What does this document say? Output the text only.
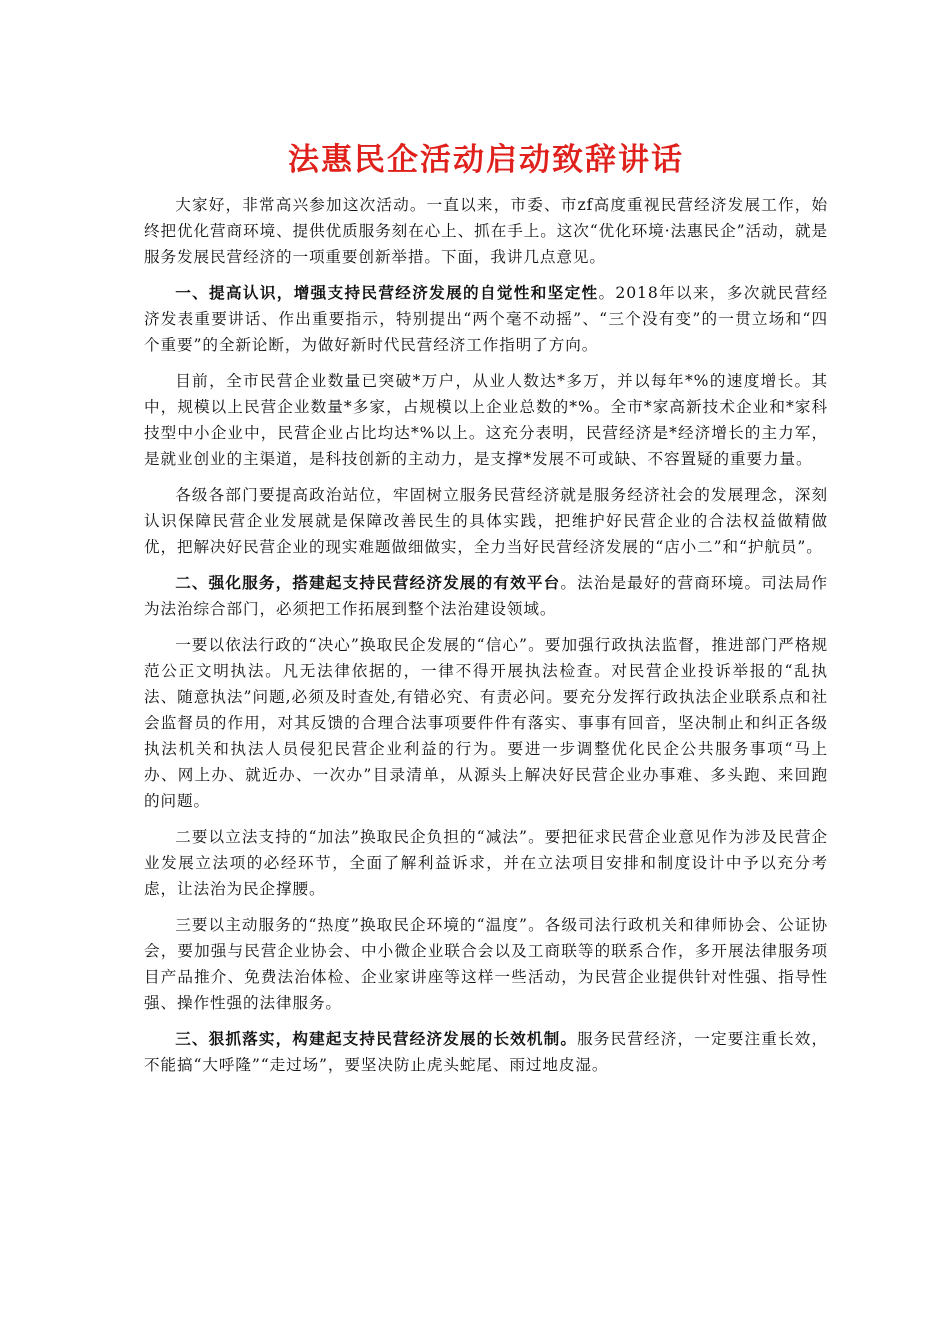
法惠民企活动启动致辞讲话

大家好，非常高兴参加这次活动。一直以来，市委、市zf高度重视民营经济发展工作，始终把优化营商环境、提供优质服务刻在心上、抓在手上。这次“优化环境·法惠民企”活动，就是服务发展民营经济的一项重要创新举措。下面，我讲几点意见。

一、提高认识，增强支持民营经济发展的自觉性和坚定性。2018年以来，多次就民营经济发表重要讲话、作出重要指示，特别提出“两个毫不动摇”、“三个没有变”的一贯立场和“四个重要”的全新论断，为做好新时代民营经济工作指明了方向。

目前，全市民营企业数量已突破*万户，从业人数达*多万，并以每年*%的速度增长。其中，规模以上民营企业数量*多家，占规模以上企业总数的*%。全市*家高新技术企业和*家科技型中小企业中，民营企业占比均达*%以上。这充分表明，民营经济是*经济增长的主力军，是就业创业的主渠道，是科技创新的主动力，是支撑*发展不可或缺、不容置疑的重要力量。

各级各部门要提高政治站位，牢固树立服务民营经济就是服务经济社会的发展理念，深刻认识保障民营企业发展就是保障改善民生的具体实践，把维护好民营企业的合法权益做精做优，把解决好民营企业的现实难题做细做实，全力当好民营经济发展的“店小二”和“护航员”。

二、强化服务，搭建起支持民营经济发展的有效平台。法治是最好的营商环境。司法局作为法治综合部门，必须把工作拓展到整个法治建设领域。

一要以依法行政的“决心”换取民企发展的“信心”。要加强行政执法监督，推进部门严格规范公正文明执法。凡无法律依据的，一律不得开展执法检查。对民营企业投诉举报的“乱执法、随意执法”问题,必须及时查处,有错必究、有责必问。要充分发挥行政执法企业联系点和社会监督员的作用，对其反馈的合理合法事项要件件有落实、事事有回音，坚决制止和纠正各级执法机关和执法人员侵犯民营企业利益的行为。要进一步调整优化民企公共服务事项“马上办、网上办、就近办、一次办”目录清单，从源头上解决好民营企业办事难、多头跑、来回跑的问题。

二要以立法支持的“加法”换取民企负担的“减法”。要把征求民营企业意见作为涉及民营企业发展立法项的必经环节，全面了解利益诉求，并在立法项目安排和制度设计中予以充分考虑，让法治为民企撑腰。

三要以主动服务的“热度”换取民企环境的“温度”。各级司法行政机关和律师协会、公证协会，要加强与民营企业协会、中小微企业联合会以及工商联等的联系合作，多开展法律服务项目产品推介、免费法治体检、企业家讲座等这样一些活动，为民营企业提供针对性强、指导性强、操作性强的法律服务。

三、狠抓落实，构建起支持民营经济发展的长效机制。服务民营经济，一定要注重长效，不能搞“大呼隆”“走过场”，要坚决防止虎头蛇尾、雨过地皮湿。
